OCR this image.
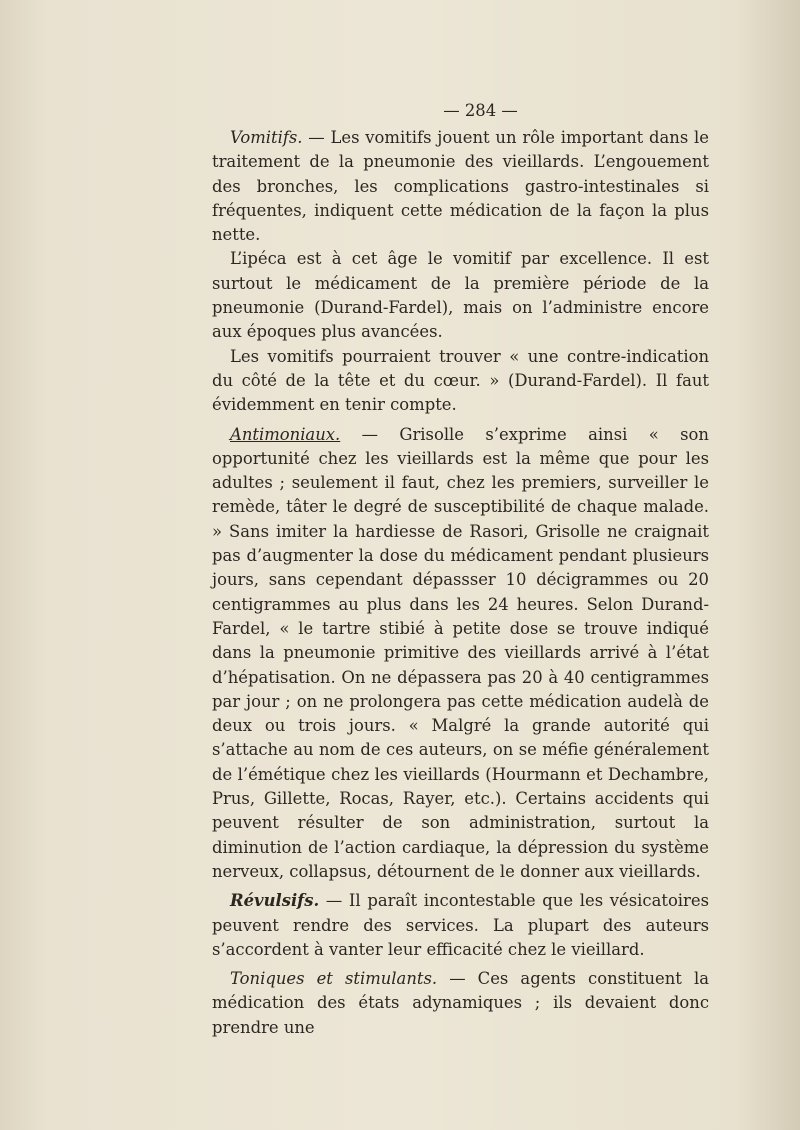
— 284 —

Vomitifs. — Les vomitifs jouent un rôle important dans le traitement de la pneumonie des vieillards. L’engouement des bronches, les complications gastro-intestinales si fréquentes, indiquent cette médication de la façon la plus nette.

L’ipéca est à cet âge le vomitif par excellence. Il est surtout le médicament de la première période de la pneumonie (Durand-Fardel), mais on l’administre encore aux époques plus avancées.

Les vomitifs pourraient trouver « une contre-indication du côté de la tête et du cœur. » (Durand-Fardel). Il faut évidemment en tenir compte.

Antimoniaux. — Grisolle s’exprime ainsi « son opportunité chez les vieillards est la même que pour les adultes ; seulement il faut, chez les premiers, surveiller le remède, tâter le degré de susceptibilité de chaque malade. » Sans imiter la hardiesse de Rasori, Grisolle ne craignait pas d’augmenter la dose du médicament pendant plusieurs jours, sans cependant dépassser 10 décigrammes ou 20 centigrammes au plus dans les 24 heures. Selon Durand-Fardel, « le tartre stibié à petite dose se trouve indiqué dans la pneumonie primitive des vieillards arrivé à l’état d’hépatisation. On ne dépassera pas 20 à 40 centigrammes par jour ; on ne prolongera pas cette médication audelà de deux ou trois jours. « Malgré la grande autorité qui s’attache au nom de ces auteurs, on se méfie généralement de l’émétique chez les vieillards (Hourmann et Dechambre, Prus, Gillette, Rocas, Rayer, etc.). Certains accidents qui peuvent résulter de son administration, surtout la diminution de l’action cardiaque, la dépression du système nerveux, collapsus, détournent de le donner aux vieillards.

Révulsifs. — Il paraît incontestable que les vésicatoires peuvent rendre des services. La plupart des auteurs s’accordent à vanter leur efficacité chez le vieillard.

Toniques et stimulants. — Ces agents constituent la médication des états adynamiques ; ils devaient donc prendre une
